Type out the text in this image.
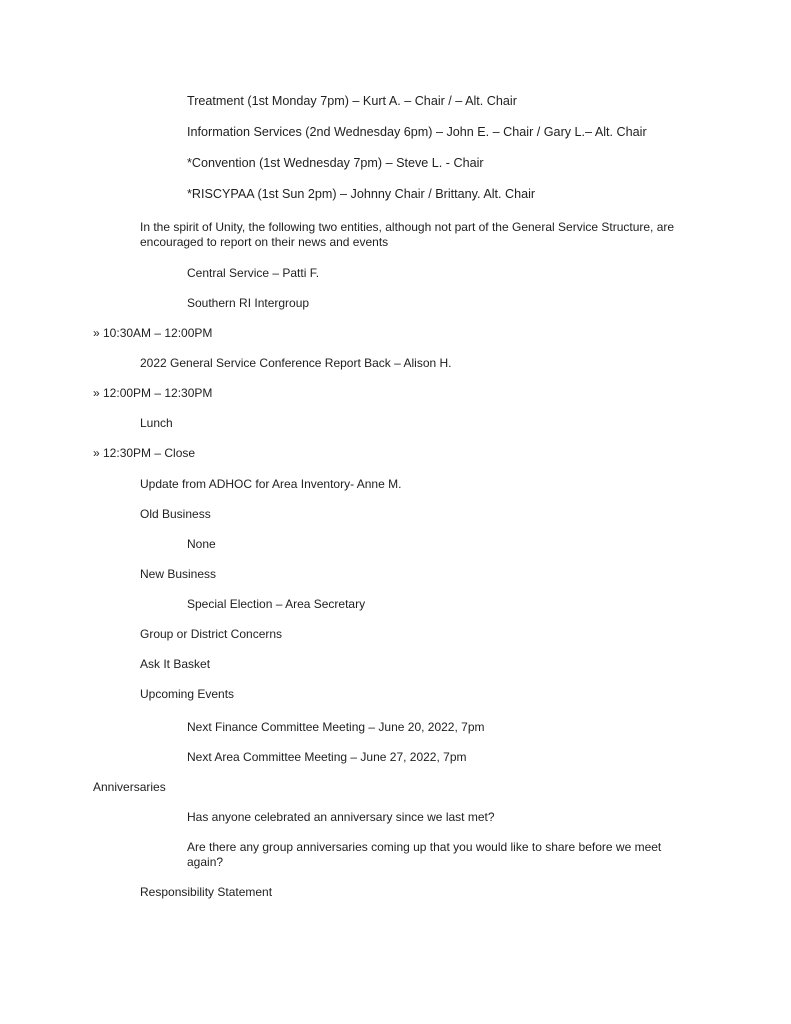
Treatment (1st Monday 7pm) – Kurt A. – Chair / – Alt. Chair
Information Services (2nd Wednesday 6pm) – John E. – Chair / Gary L.– Alt. Chair
*Convention (1st Wednesday 7pm) – Steve L. - Chair
*RISCYPAA (1st Sun 2pm) – Johnny Chair / Brittany. Alt. Chair
In the spirit of Unity, the following two entities, although not part of the General Service Structure, are encouraged to report on their news and events
Central Service – Patti F.
Southern RI Intergroup
» 10:30AM – 12:00PM
2022 General Service Conference Report Back – Alison H.
» 12:00PM – 12:30PM
Lunch
» 12:30PM – Close
Update from ADHOC for Area Inventory- Anne M.
Old Business
None
New Business
Special Election – Area Secretary
Group or District Concerns
Ask It Basket
Upcoming Events
Next Finance Committee Meeting – June 20, 2022, 7pm
Next Area Committee Meeting – June 27, 2022, 7pm
Anniversaries
Has anyone celebrated an anniversary since we last met?
Are there any group anniversaries coming up that you would like to share before we meet again?
Responsibility Statement
